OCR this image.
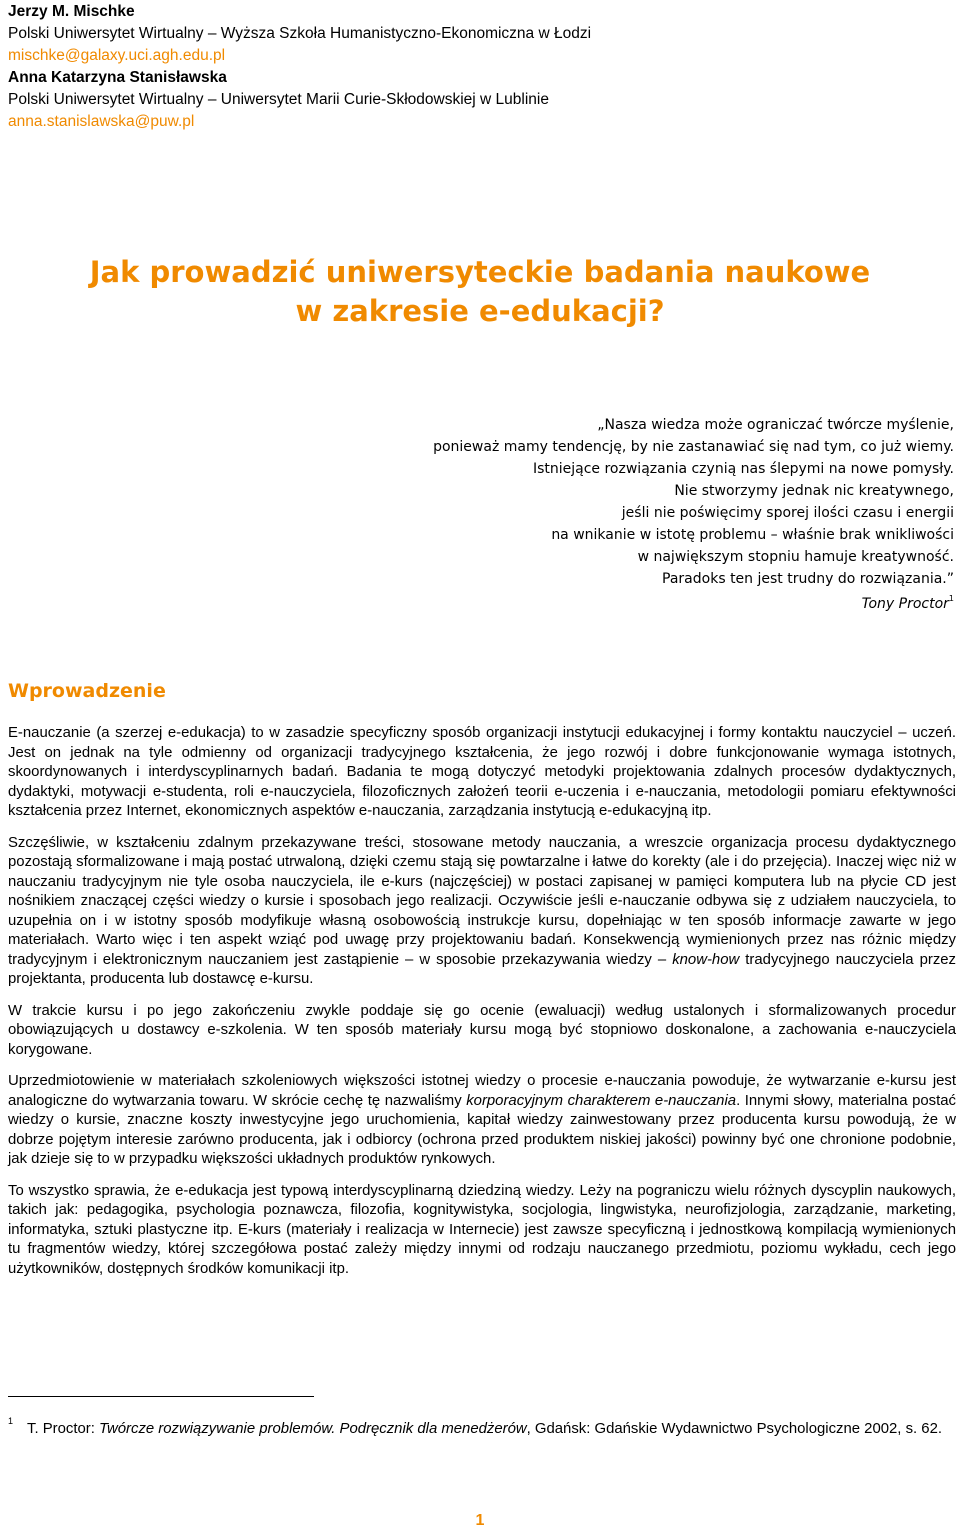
Jerzy M. Mischke
Polski Uniwersytet Wirtualny – Wyższa Szkoła Humanistyczno-Ekonomiczna w Łodzi
mischke@galaxy.uci.agh.edu.pl
Anna Katarzyna Stanisławska
Polski Uniwersytet Wirtualny – Uniwersytet Marii Curie-Skłodowskiej w Lublinie
anna.stanislawska@puw.pl
Jak prowadzić uniwersyteckie badania naukowe
w zakresie e-edukacji?
„Nasza wiedza może ograniczać twórcze myślenie,
ponieważ mamy tendencję, by nie zastanawiać się nad tym, co już wiemy.
Istniejące rozwiązania czynią nas ślepymi na nowe pomysły.
Nie stworzymy jednak nic kreatywnego,
jeśli nie poświęcimy sporej ilości czasu i energii
na wnikanie w istotę problemu – właśnie brak wnikliwości
w największym stopniu hamuje kreatywność.
Paradoks ten jest trudny do rozwiązania.”
Tony Proctor$^1$
Wprowadzenie

E-nauczanie (a szerzej e-edukacja) to w zasadzie specyficzny sposób organizacji instytucji edukacyjnej i formy kontaktu nauczyciel – uczeń. Jest on jednak na tyle odmienny od organizacji tradycyjnego kształcenia, że jego rozwój i dobre funkcjonowanie wymaga istotnych, skoordynowanych i interdyscyplinarnych badań. Badania te mogą dotyczyć metodyki projektowania zdalnych procesów dydaktycznych, dydaktyki, motywacji e-studenta, roli e-nauczyciela, filozoficznych założeń teorii e-uczenia i e-nauczania, metodologii pomiaru efektywności kształcenia przez Internet, ekonomicznych aspektów e-nauczania, zarządzania instytucją e-edukacyjną itp.

Szczęśliwie, w kształceniu zdalnym przekazywane treści, stosowane metody nauczania, a wreszcie organizacja procesu dydaktycznego pozostają sformalizowane i mają postać utrwaloną, dzięki czemu stają się powtarzalne i łatwe do korekty (ale i do przejęcia). Inaczej więc niż w nauczaniu tradycyjnym nie tyle osoba nauczyciela, ile e-kurs (najczęściej) w postaci zapisanej w pamięci komputera lub na płycie CD jest nośnikiem znaczącej części wiedzy o kursie i sposobach jego realizacji. Oczywiście jeśli e-nauczanie odbywa się z udziałem nauczyciela, to uzupełnia on i w istotny sposób modyfikuje własną osobowością instrukcje kursu, dopełniając w ten sposób informacje zawarte w jego materiałach. Warto więc i ten aspekt wziąć pod uwagę przy projektowaniu badań. Konsekwencją wymienionych przez nas różnic między tradycyjnym i elektronicznym nauczaniem jest zastąpienie – w sposobie przekazywania wiedzy – know-how tradycyjnego nauczyciela przez projektanta, producenta lub dostawcę e-kursu.

W trakcie kursu i po jego zakończeniu zwykle poddaje się go ocenie (ewaluacji) według ustalonych i sformalizowanych procedur obowiązujących u dostawcy e-szkolenia. W ten sposób materiały kursu mogą być stopniowo doskonalone, a zachowania e-nauczyciela korygowane.

Uprzedmiotowienie w materiałach szkoleniowych większości istotnej wiedzy o procesie e-nauczania powoduje, że wytwarzanie e-kursu jest analogiczne do wytwarzania towaru. W skrócie cechę tę nazwaliśmy korporacyjnym charakterem e-nauczania. Innymi słowy, materialna postać wiedzy o kursie, znaczne koszty inwestycyjne jego uruchomienia, kapitał wiedzy zainwestowany przez producenta kursu powodują, że w dobrze pojętym interesie zarówno producenta, jak i odbiorcy (ochrona przed produktem niskiej jakości) powinny być one chronione podobnie, jak dzieje się to w przypadku większości układnych produktów rynkowych.

To wszystko sprawia, że e-edukacja jest typową interdyscyplinarną dziedziną wiedzy. Leży na pograniczu wielu różnych dyscyplin naukowych, takich jak: pedagogika, psychologia poznawcza, filozofia, kognitywistyka, socjologia, lingwistyka, neurofizjologia, zarządzanie, marketing, informatyka, sztuki plastyczne itp. E-kurs (materiały i realizacja w Internecie) jest zawsze specyficzną i jednostkową kompilacją wymienionych tu fragmentów wiedzy, której szczegółowa postać zależy między innymi od rodzaju nauczanego przedmiotu, poziomu wykładu, cech jego użytkowników, dostępnych środków komunikacji itp.

$^1$ T. Proctor: Twórcze rozwiązywanie problemów. Podręcznik dla menedżerów, Gdańsk: Gdańskie Wydawnictwo Psychologiczne 2002, s. 62.
1
